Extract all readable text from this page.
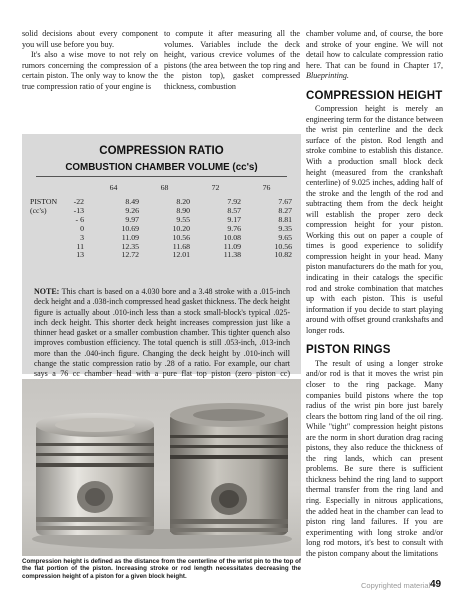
solid decisions about every component you will use before you buy.

It's also a wise move to not rely on rumors concerning the compression of a certain piston. The only way to know the true compression ratio of your engine is

to compute it after measuring all the volumes. Variables include the deck height, various crevice volumes of the pistons (the area between the top ring and the piston top), gasket compressed thickness, combustion

chamber volume and, of course, the bore and stroke of your engine. We will not detail how to calculate compression ratio here. That can be found in Chapter 17, Blueprinting.

COMPRESSION HEIGHT

Compression height is merely an engineering term for the distance between the wrist pin centerline and the deck surface of the piston. Rod length and stroke combine to establish this distance. With a production small block deck height (measured from the crankshaft centerline) of 9.025 inches, adding half of the stroke and the length of the rod and subtracting them from the deck height will establish the proper zero deck compression height for your piston. Working this out on paper a couple of times is good experience to solidify compression height in your head. Many piston manufacturers do the math for you, indicating in their catalogs the specific rod and stroke combination that matches up with each piston. This is useful information if you decide to start playing around with offset ground crankshafts and longer rods.

PISTON RINGS

The result of using a longer stroke and/or rod is that it moves the wrist pin closer to the ring package. Many companies build pistons where the top radius of the wrist pin bore just barely clears the bottom ring land of the oil ring. While "tight" compression height pistons are the norm in short duration drag racing pistons, they also reduce the thickness of the ring lands, which can present problems. Be sure there is sufficient thickness behind the ring land to support thermal transfer from the ring land and ring. Especially in nitrous applications, the added heat in the chamber can lead to piston ring land failures. If you are experimenting with long stroke and/or long rod motors, it's best to consult with the piston company about the limitations

COMPRESSION RATIO
COMBUSTION CHAMBER VOLUME (cc's)
		64	68	72	76
PISTON	-22	8.49	8.20	7.92	7.67
(cc's)	-13	9.26	8.90	8.57	8.27
	- 6	9.97	9.55	9.17	8.81
	0	10.69	10.20	9.76	9.35
	3	11.09	10.56	10.08	9.65
	11	12.35	11.68	11.09	10.56
	13	12.72	12.01	11.38	10.82

NOTE: This chart is based on a 4.030 bore and a 3.48 stroke with a .015-inch deck height and a .038-inch compressed head gasket thickness. The deck height figure is actually about .010-inch less than a stock small-block's typical .025-inch deck height. This shorter deck height increases compression just like a thinner head gasket or a smaller combustion chamber. This tighter quench also improves combustion efficiency. The total quench is still .053-inch, .013-inch more than the .040-inch figure. Changing the deck height by .010-inch will change the static compression ratio by .28 of a ratio. For example, our chart says a 76 cc chamber head with a pure flat top piston (zero piston cc)

Compression height is defined as the distance from the centerline of the wrist pin to the top of the flat portion of the piston. Increasing stroke or rod length necessitates decreasing the compression height of a piston for a given block height.

Copyrighted material 49
